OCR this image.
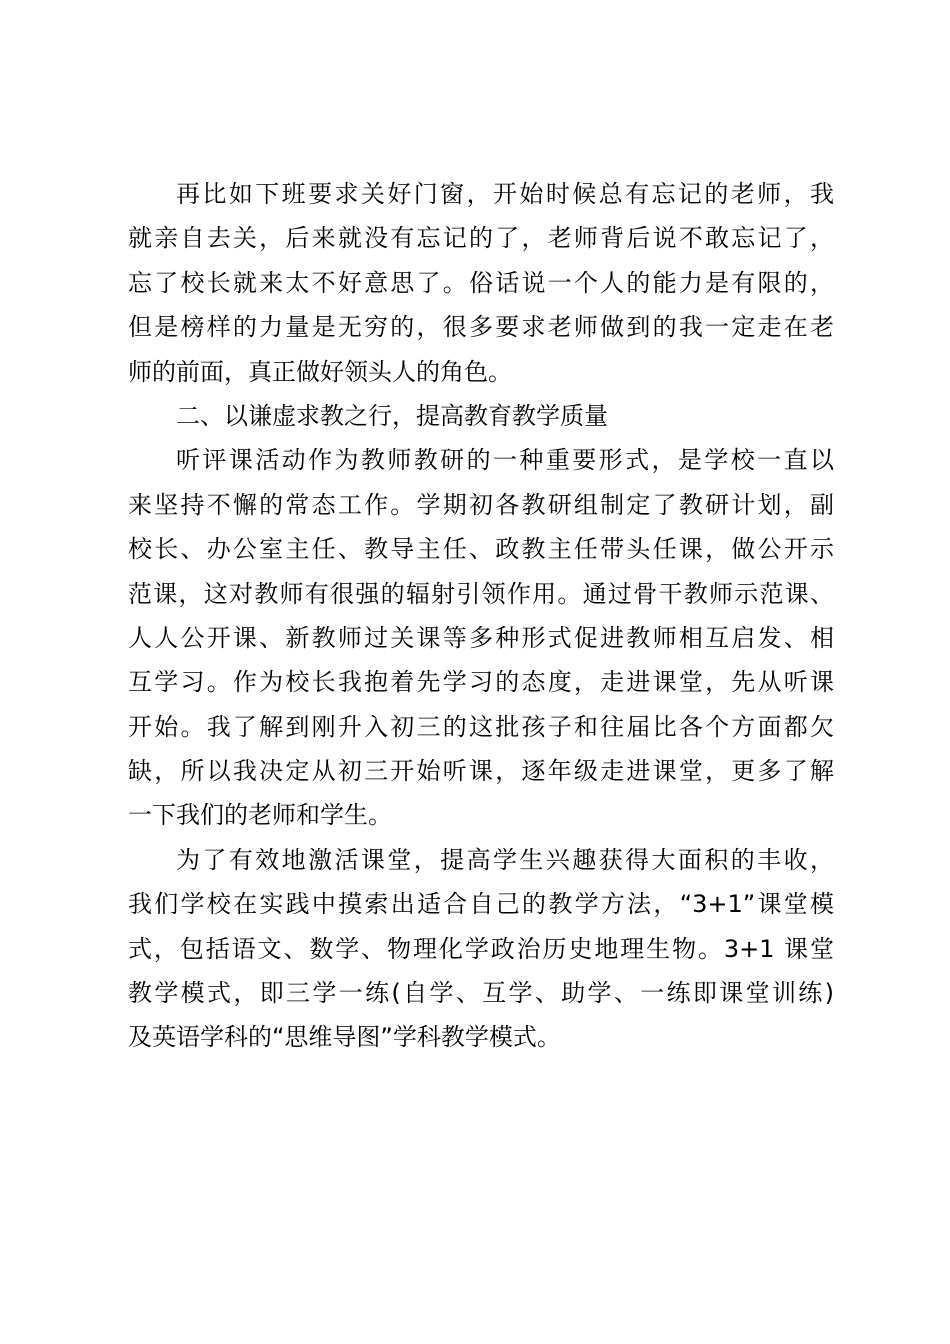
再比如下班要求关好门窗，开始时候总有忘记的老师，我
就亲自去关，后来就没有忘记的了，老师背后说不敢忘记了，
忘了校长就来太不好意思了。俗话说一个人的能力是有限的，
但是榜样的力量是无穷的，很多要求老师做到的我一定走在老
师的前面，真正做好领头人的角色。
二、以谦虚求教之行，提高教育教学质量
听评课活动作为教师教研的一种重要形式，是学校一直以
来坚持不懈的常态工作。学期初各教研组制定了教研计划，副
校长、办公室主任、教导主任、政教主任带头任课，做公开示
范课，这对教师有很强的辐射引领作用。通过骨干教师示范课、
人人公开课、新教师过关课等多种形式促进教师相互启发、相
互学习。作为校长我抱着先学习的态度，走进课堂，先从听课
开始。我了解到刚升入初三的这批孩子和往届比各个方面都欠
缺，所以我决定从初三开始听课，逐年级走进课堂，更多了解
一下我们的老师和学生。
为了有效地激活课堂，提高学生兴趣获得大面积的丰收，
我们学校在实践中摸索出适合自己的教学方法，“3+1”课堂模
式，包括语文、数学、物理化学政治历史地理生物。3+1 课堂
教学模式，即三学一练(自学、互学、助学、一练即课堂训练)
及英语学科的“思维导图”学科教学模式。
